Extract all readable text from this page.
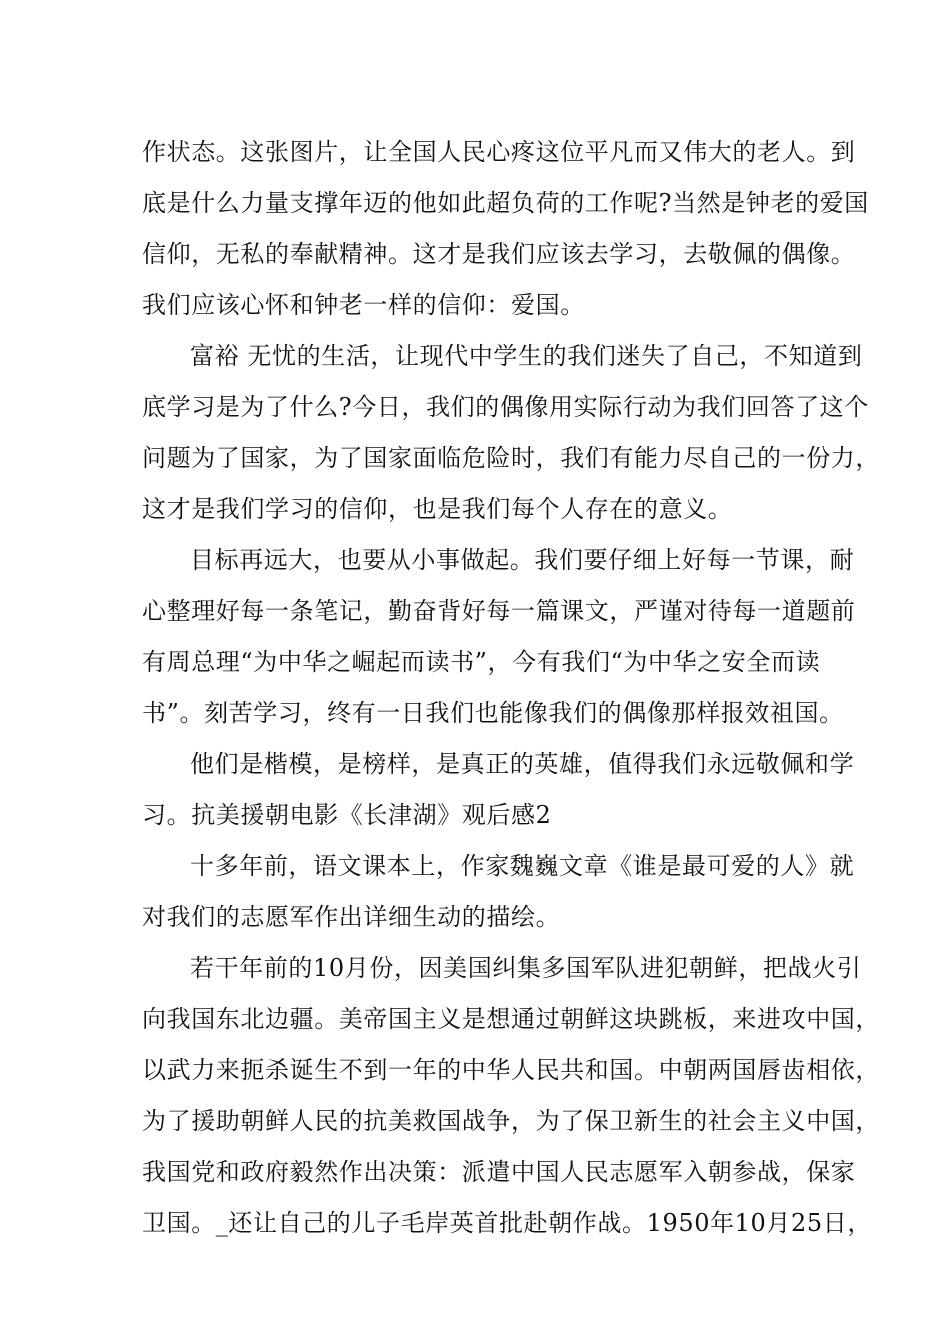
作状态。这张图片，让全国人民心疼这位平凡而又伟大的老人。到
底是什么力量支撑年迈的他如此超负荷的工作呢?当然是钟老的爱国
信仰，无私的奉献精神。这才是我们应该去学习，去敬佩的偶像。
我们应该心怀和钟老一样的信仰：爱国。
富裕 无忧的生活，让现代中学生的我们迷失了自己，不知道到
底学习是为了什么?今日，我们的偶像用实际行动为我们回答了这个
问题为了国家，为了国家面临危险时，我们有能力尽自己的一份力，
这才是我们学习的信仰，也是我们每个人存在的意义。
目标再远大，也要从小事做起。我们要仔细上好每一节课，耐
心整理好每一条笔记，勤奋背好每一篇课文，严谨对待每一道题前
有周总理“为中华之崛起而读书”，今有我们“为中华之安全而读
书”。刻苦学习，终有一日我们也能像我们的偶像那样报效祖国。
他们是楷模，是榜样，是真正的英雄，值得我们永远敬佩和学
习。抗美援朝电影《长津湖》观后感2
十多年前，语文课本上，作家魏巍文章《谁是最可爱的人》就
对我们的志愿军作出详细生动的描绘。
若干年前的10月份，因美国纠集多国军队进犯朝鲜，把战火引
向我国东北边疆。美帝国主义是想通过朝鲜这块跳板，来进攻中国，
以武力来扼杀诞生不到一年的中华人民共和国。中朝两国唇齿相依，
为了援助朝鲜人民的抗美救国战争，为了保卫新生的社会主义中国，
我国党和政府毅然作出决策：派遣中国人民志愿军入朝参战，保家
卫国。_还让自己的儿子毛岸英首批赴朝作战。1950年10月25日，
